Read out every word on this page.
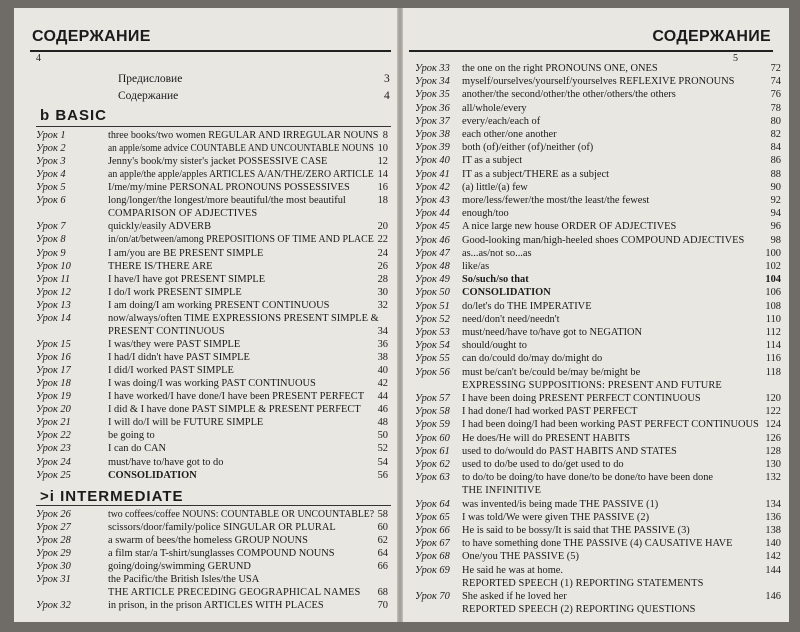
СОДЕРЖАНИЕ
4
Предисловие	3
Содержание	4
b BASIC
Урок 1	three books/two women REGULAR AND IRREGULAR NOUNS 8
Урок 2	an apple/some advice COUNTABLE AND UNCOUNTABLE NOUNS 10
Урок 3	Jenny's book/my sister's jacket POSSESSIVE CASE	12
Урок 4	an apple/the apple/apples ARTICLES A/AN/THE/ZERO ARTICLE 14
Урок 5	I/me/my/mine PERSONAL PRONOUNS POSSESSIVES	16
Урок 6	long/longer/the longest/more beautiful/the most beautiful	18
COMPARISON OF ADJECTIVES
Урок 7	quickly/easily ADVERB	20
Урок 8	in/on/at/between/among PREPOSITIONS OF TIME AND PLACE 22
Урок 9	I am/you are BE PRESENT SIMPLE	24
Урок 10	THERE IS/THERE ARE	26
Урок 11	I have/I have got PRESENT SIMPLE	28
Урок 12	I do/I work PRESENT SIMPLE	30
Урок 13	I am doing/I am working PRESENT CONTINUOUS	32
Урок 14	now/always/often TIME EXPRESSIONS PRESENT SIMPLE &
PRESENT CONTINUOUS	34
Урок 15	I was/they were PAST SIMPLE	36
Урок 16	I had/I didn't have PAST SIMPLE	38
Урок 17	I did/I worked PAST SIMPLE	40
Урок 18	I was doing/I was working PAST CONTINUOUS	42
Урок 19	I have worked/I have done/I have been PRESENT PERFECT 44
Урок 20	I did & I have done PAST SIMPLE & PRESENT PERFECT 46
Урок 21	I will do/I will be FUTURE SIMPLE	48
Урок 22	be going to	50
Урок 23	I can do CAN	52
Урок 24	must/have to/have got to do	54
Урок 25	CONSOLIDATION	56
>i INTERMEDIATE
Урок 26	two coffees/coffee NOUNS: COUNTABLE OR UNCOUNTABLE? 58
Урок 27	scissors/door/family/police SINGULAR OR PLURAL	60
Урок 28	a swarm of bees/the homeless GROUP NOUNS	62
Урок 29	a film star/a T-shirt/sunglasses COMPOUND NOUNS	64
Урок 30	going/doing/swimming GERUND	66
Урок 31	the Pacific/the British Isles/the USA
THE ARTICLE PRECEDING GEOGRAPHICAL NAMES 68
Урок 32	in prison, in the prison ARTICLES WITH PLACES	70
СОДЕРЖАНИЕ
5
Урок 33 the one on the right PRONOUNS ONE, ONES	72
Урок 34 myself/ourselves/yourself/yourselves REFLEXIVE PRONOUNS	74
Урок 35 another/the second/other/the other/others/the others	76
Урок 36 all/whole/every	78
Урок 37 every/each/each of	80
Урок 38 each other/one another	82
Урок 39 both (of)/either (of)/neither (of)	84
Урок 40 IT as a subject	86
Урок 41 IT as a subject/THERE as a subject	88
Урок 42 (a) little/(a) few	90
Урок 43 more/less/fewer/the most/the least/the fewest	92
Урок 44 enough/too	94
Урок 45 A nice large new house ORDER OF ADJECTIVES	96
Урок 46 Good-looking man/high-heeled shoes COMPOUND ADJECTIVES	98
Урок 47 as...as/not so...as	100
Урок 48 like/as	102
Урок 49 So/such/so that	104
Урок 50 CONSOLIDATION	106
Урок 51 do/let's do THE IMPERATIVE	108
Урок 52 need/don't need/needn't	110
Урок 53 must/need/have to/have got to NEGATION	112
Урок 54 should/ought to	114
Урок 55 can do/could do/may do/might do	116
Урок 56 must be/can't be/could be/may be/might be	118
EXPRESSING SUPPOSITIONS: PRESENT AND FUTURE
Урок 57 I have been doing PRESENT PERFECT CONTINUOUS	120
Урок 58 I had done/I had worked PAST PERFECT	122
Урок 59 I had been doing/I had been working PAST PERFECT CONTINUOUS 124
Урок 60 He does/He will do PRESENT HABITS	126
Урок 61 used to do/would do PAST HABITS AND STATES	128
Урок 62 used to do/be used to do/get used to do	130
Урок 63 to do/to be doing/to have done/to be done/to have been done	132
THE INFINITIVE
Урок 64 was invented/is being made THE PASSIVE (1)	134
Урок 65 I was told/We were given THE PASSIVE (2)	136
Урок 66 He is said to be bossy/It is said that THE PASSIVE (3)	138
Урок 67 to have something done THE PASSIVE (4) CAUSATIVE HAVE	140
Урок 68 One/you THE PASSIVE (5)	142
Урок 69 He said he was at home.	144
REPORTED SPEECH (1) REPORTING STATEMENTS
Урок 70 She asked if he loved her	146
REPORTED SPEECH (2) REPORTING QUESTIONS
